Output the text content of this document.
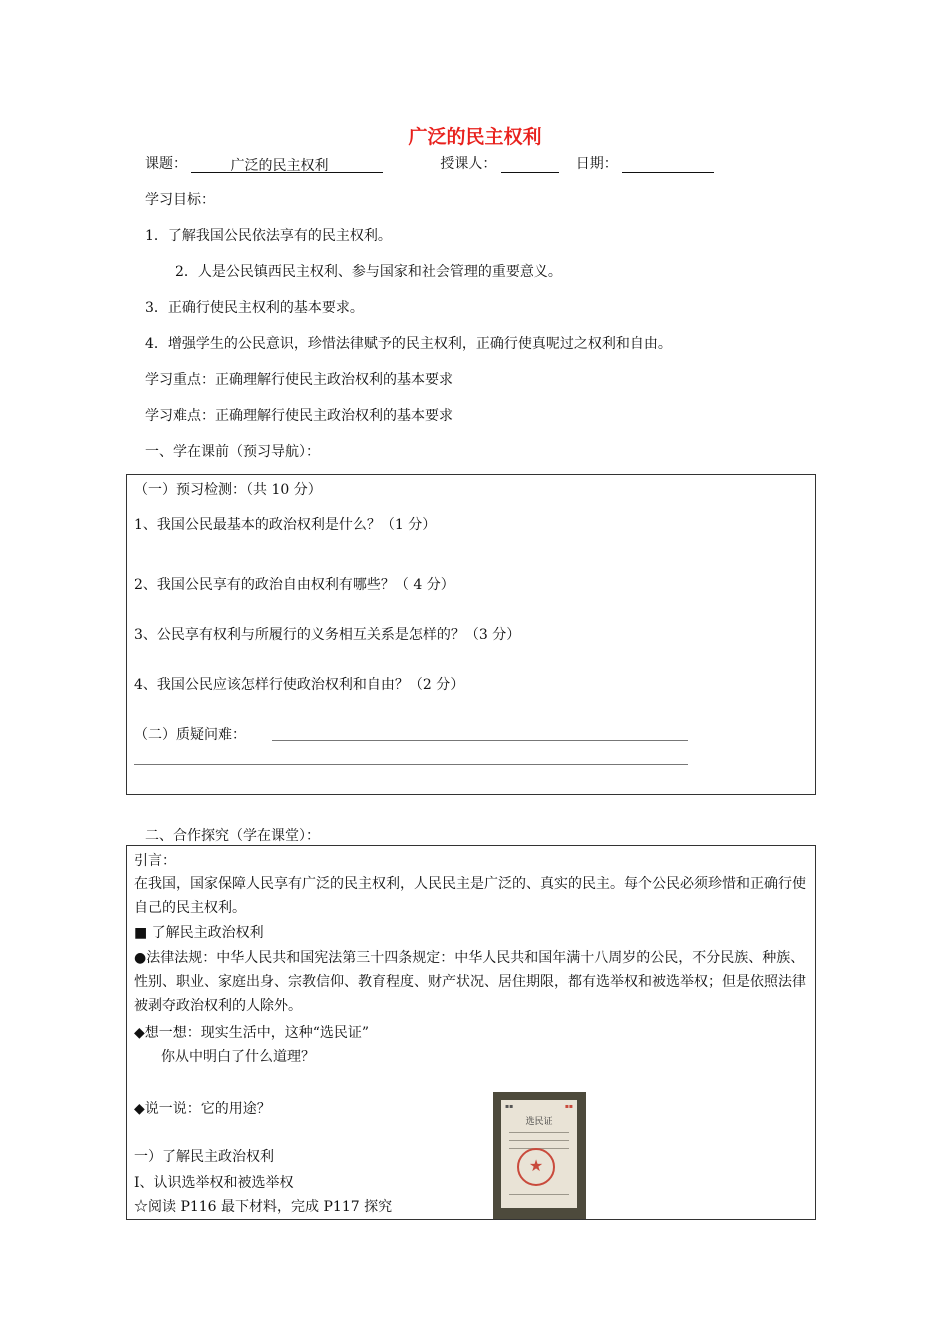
广泛的民主权利
课题：	广泛的民主权利	授课人：	日期：
学习目标：
1．了解我国公民依法享有的民主权利。
2．人是公民镇西民主权利、参与国家和社会管理的重要意义。
3．正确行使民主权利的基本要求。
4．增强学生的公民意识，珍惜法律赋予的民主权利，正确行使真呢过之权利和自由。
学习重点：正确理解行使民主政治权利的基本要求
学习难点：正确理解行使民主政治权利的基本要求
一、学在课前（预习导航）：
（一）预习检测：（共 10 分）
1、我国公民最基本的政治权利是什么？（1 分）
2、我国公民享有的政治自由权利有哪些？（ 4 分）
3、公民享有权利与所履行的义务相互关系是怎样的？（3 分）
4、我国公民应该怎样行使政治权利和自由？（2 分）
（二）质疑问难：
二、合作探究（学在课堂）：
引言：
在我国，国家保障人民享有广泛的民主权利，人民民主是广泛的、真实的民主。每个公民必须珍惜和正确行使自己的民主权利。
■ 了解民主政治权利
●法律法规：中华人民共和国宪法第三十四条规定：中华人民共和国年满十八周岁的公民，不分民族、种族、性别、职业、家庭出身、宗教信仰、教育程度、财产状况、居住期限，都有选举权和被选举权；但是依照法律被剥夺政治权利的人除外。
◆想一想：现实生活中，这种“选民证”
你从中明白了什么道理？
◆说一说：它的用途？
一）了解民主政治权利
Ⅰ、认识选举权和被选举权
☆阅读 P116 最下材料，完成 P117 探究
▪▪	▪▪
选民证
★
